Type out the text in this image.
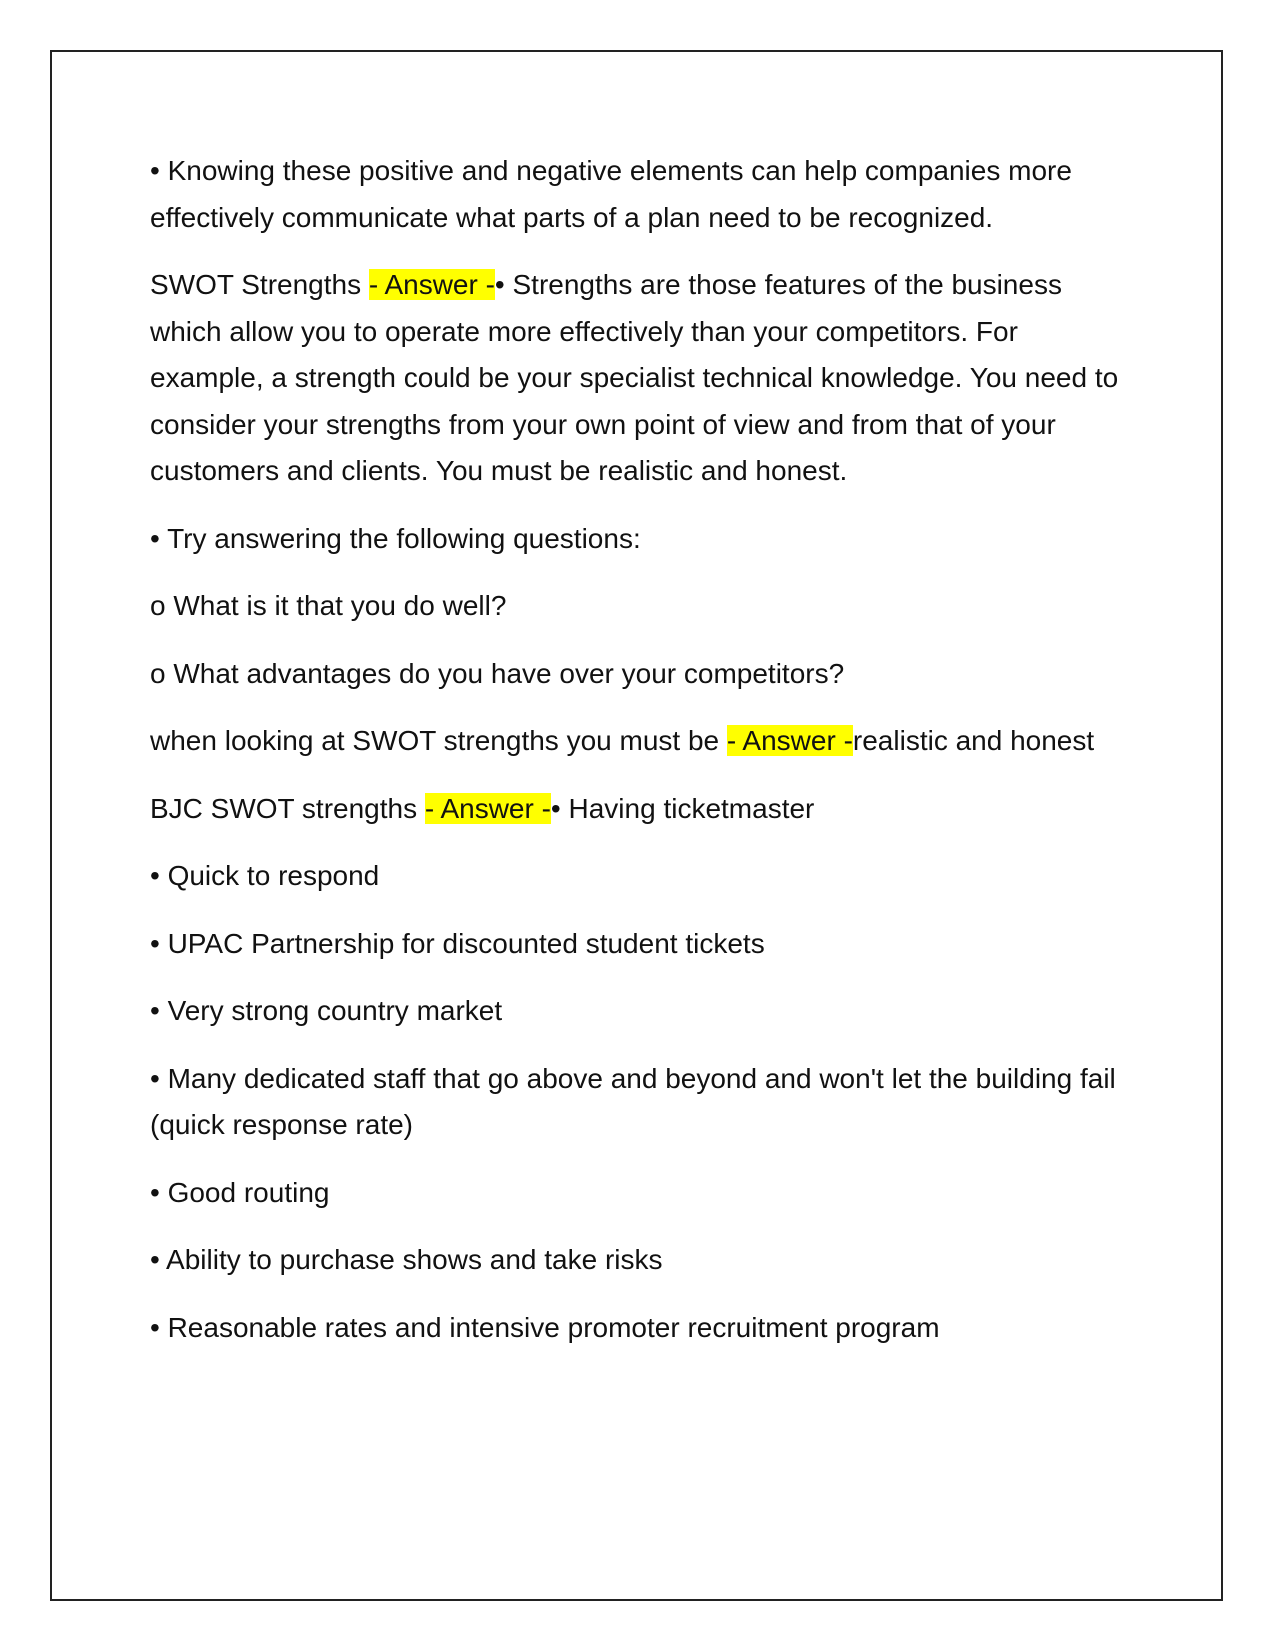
• Knowing these positive and negative elements can help companies more effectively communicate what parts of a plan need to be recognized.

SWOT Strengths - Answer -• Strengths are those features of the business which allow you to operate more effectively than your competitors. For example, a strength could be your specialist technical knowledge. You need to consider your strengths from your own point of view and from that of your customers and clients. You must be realistic and honest.

• Try answering the following questions:

o What is it that you do well?

o What advantages do you have over your competitors?

when looking at SWOT strengths you must be - Answer -realistic and honest

BJC SWOT strengths - Answer -• Having ticketmaster

• Quick to respond

• UPAC Partnership for discounted student tickets

• Very strong country market

• Many dedicated staff that go above and beyond and won't let the building fail (quick response rate)

• Good routing

• Ability to purchase shows and take risks

• Reasonable rates and intensive promoter recruitment program
